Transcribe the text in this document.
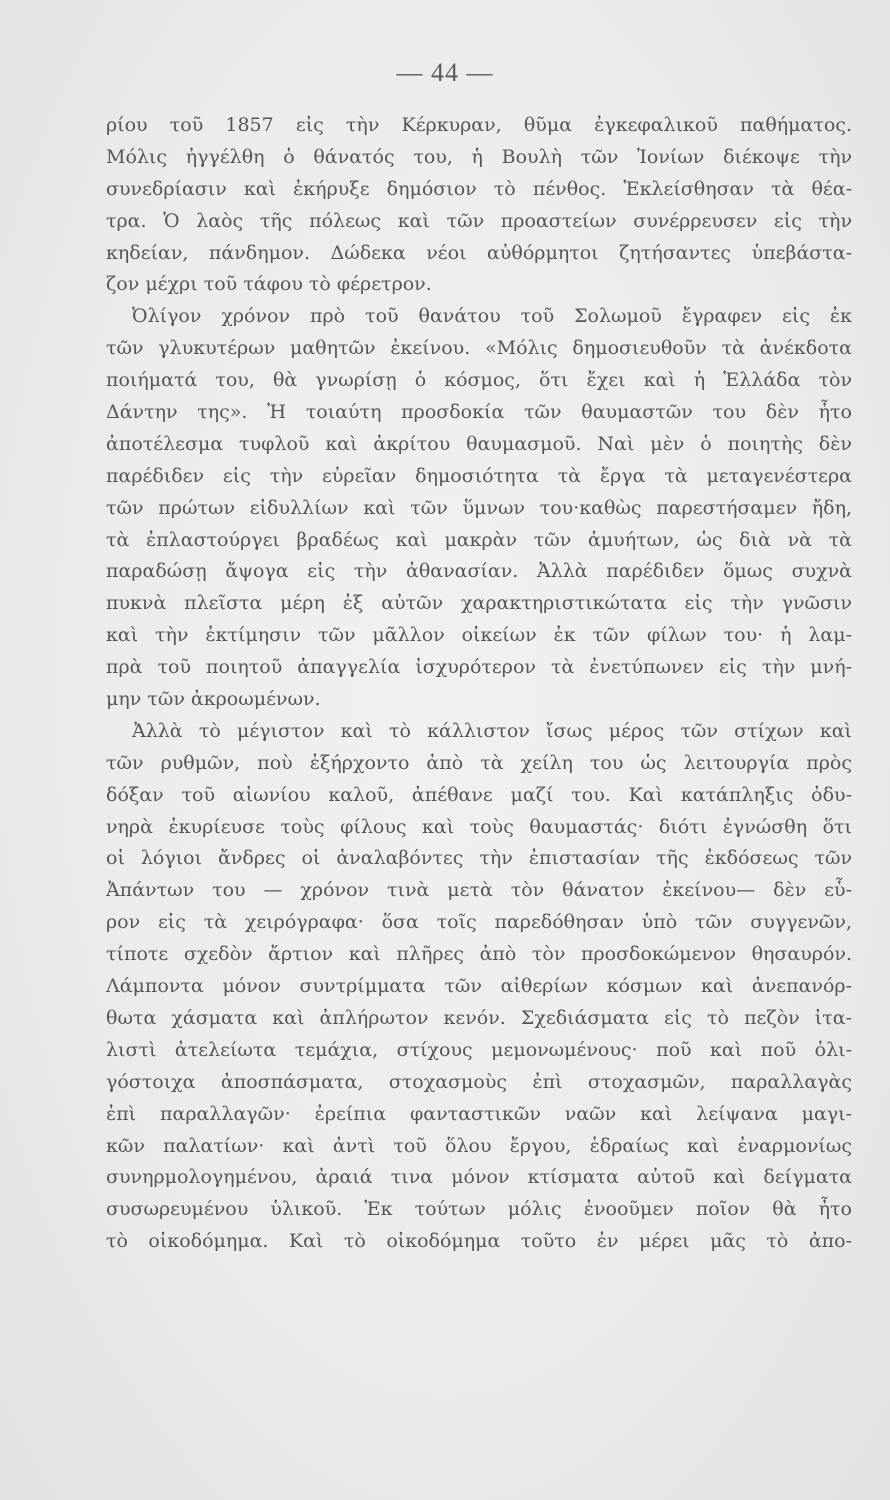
— 44 —
ρίου τοῦ 1857 εἰς τὴν Κέρκυραν, θῦμα ἐγκεφαλικοῦ παθήματος.
Μόλις ἠγγέλθη ὁ θάνατός του, ἡ Βουλὴ τῶν Ἰονίων διέκοψε τὴν
συνεδρίασιν καὶ ἐκήρυξε δημόσιον τὸ πένθος. Ἐκλείσθησαν τὰ θέα-
τρα. Ὁ λαὸς τῆς πόλεως καὶ τῶν προαστείων συνέρρευσεν εἰς τὴν
κηδείαν, πάνδημον. Δώδεκα νέοι αὐθόρμητοι ζητήσαντες ὑπεβάστα-
ζον μέχρι τοῦ τάφου τὸ φέρετρον.
Ὀλίγον χρόνον πρὸ τοῦ θανάτου τοῦ Σολωμοῦ ἔγραφεν εἰς ἐκ
τῶν γλυκυτέρων μαθητῶν ἐκείνου. «Μόλις δημοσιευθοῦν τὰ ἀνέκδοτα
ποιήματά του, θὰ γνωρίσῃ ὁ κόσμος, ὅτι ἔχει καὶ ἡ Ἑλλάδα τὸν
Δάντην της». Ἡ τοιαύτη προσδοκία τῶν θαυμαστῶν του δὲν ἦτο
ἀποτέλεσμα τυφλοῦ καὶ ἀκρίτου θαυμασμοῦ. Ναὶ μὲν ὁ ποιητὴς δὲν
παρέδιδεν εἰς τὴν εὐρεῖαν δημοσιότητα τὰ ἔργα τὰ μεταγενέστερα
τῶν πρώτων εἰδυλλίων καὶ τῶν ὕμνων του·καθὼς παρεστήσαμεν ἤδη,
τὰ ἐπλαστούργει βραδέως καὶ μακρὰν τῶν ἀμυήτων, ὡς διὰ νὰ τὰ
παραδώσῃ ἄψογα εἰς τὴν ἀθανασίαν. Ἀλλὰ παρέδιδεν ὅμως συχνὰ
πυκνὰ πλεῖστα μέρη ἐξ αὐτῶν χαρακτηριστικώτατα εἰς τὴν γνῶσιν
καὶ τὴν ἐκτίμησιν τῶν μᾶλλον οἰκείων ἐκ τῶν φίλων του· ἡ λαμ-
πρὰ τοῦ ποιητοῦ ἀπαγγελία ἰσχυρότερον τὰ ἐνετύπωνεν εἰς τὴν μνή-
μην τῶν ἀκροωμένων.
Ἀλλὰ τὸ μέγιστον καὶ τὸ κάλλιστον ἴσως μέρος τῶν στίχων καὶ
τῶν ρυθμῶν, ποὺ ἐξήρχοντο ἀπὸ τὰ χείλη του ὡς λειτουργία πρὸς
δόξαν τοῦ αἰωνίου καλοῦ, ἀπέθανε μαζί του. Καὶ κατάπληξις ὀδυ-
νηρὰ ἐκυρίευσε τοὺς φίλους καὶ τοὺς θαυμαστάς· διότι ἐγνώσθη ὅτι
οἱ λόγιοι ἄνδρες οἱ ἀναλαβόντες τὴν ἐπιστασίαν τῆς ἐκδόσεως τῶν
Ἀπάντων του — χρόνον τινὰ μετὰ τὸν θάνατον ἐκείνου— δὲν εὗ-
ρον εἰς τὰ χειρόγραφα· ὅσα τοῖς παρεδόθησαν ὑπὸ τῶν συγγενῶν,
τίποτε σχεδὸν ἄρτιον καὶ πλῆρες ἀπὸ τὸν προσδοκώμενον θησαυρόν.
Λάμποντα μόνον συντρίμματα τῶν αἰθερίων κόσμων καὶ ἀνεπανόρ-
θωτα χάσματα καὶ ἀπλήρωτον κενόν. Σχεδιάσματα εἰς τὸ πεζὸν ἰτα-
λιστὶ ἀτελείωτα τεμάχια, στίχους μεμονωμένους· ποῦ καὶ ποῦ ὀλι-
γόστοιχα ἀποσπάσματα, στοχασμοὺς ἐπὶ στοχασμῶν, παραλλαγὰς
ἐπὶ παραλλαγῶν· ἐρείπια φανταστικῶν ναῶν καὶ λείψανα μαγι-
κῶν παλατίων· καὶ ἀντὶ τοῦ ὅλου ἔργου, ἑδραίως καὶ ἐναρμονίως
συνηρμολογημένου, ἀραιά τινα μόνον κτίσματα αὐτοῦ καὶ δείγματα
συσωρευμένου ὑλικοῦ. Ἐκ τούτων μόλις ἐνοοῦμεν ποῖον θὰ ἦτο
τὸ οἰκοδόμημα. Καὶ τὸ οἰκοδόμημα τοῦτο ἐν μέρει μᾶς τὸ ἀπο-
